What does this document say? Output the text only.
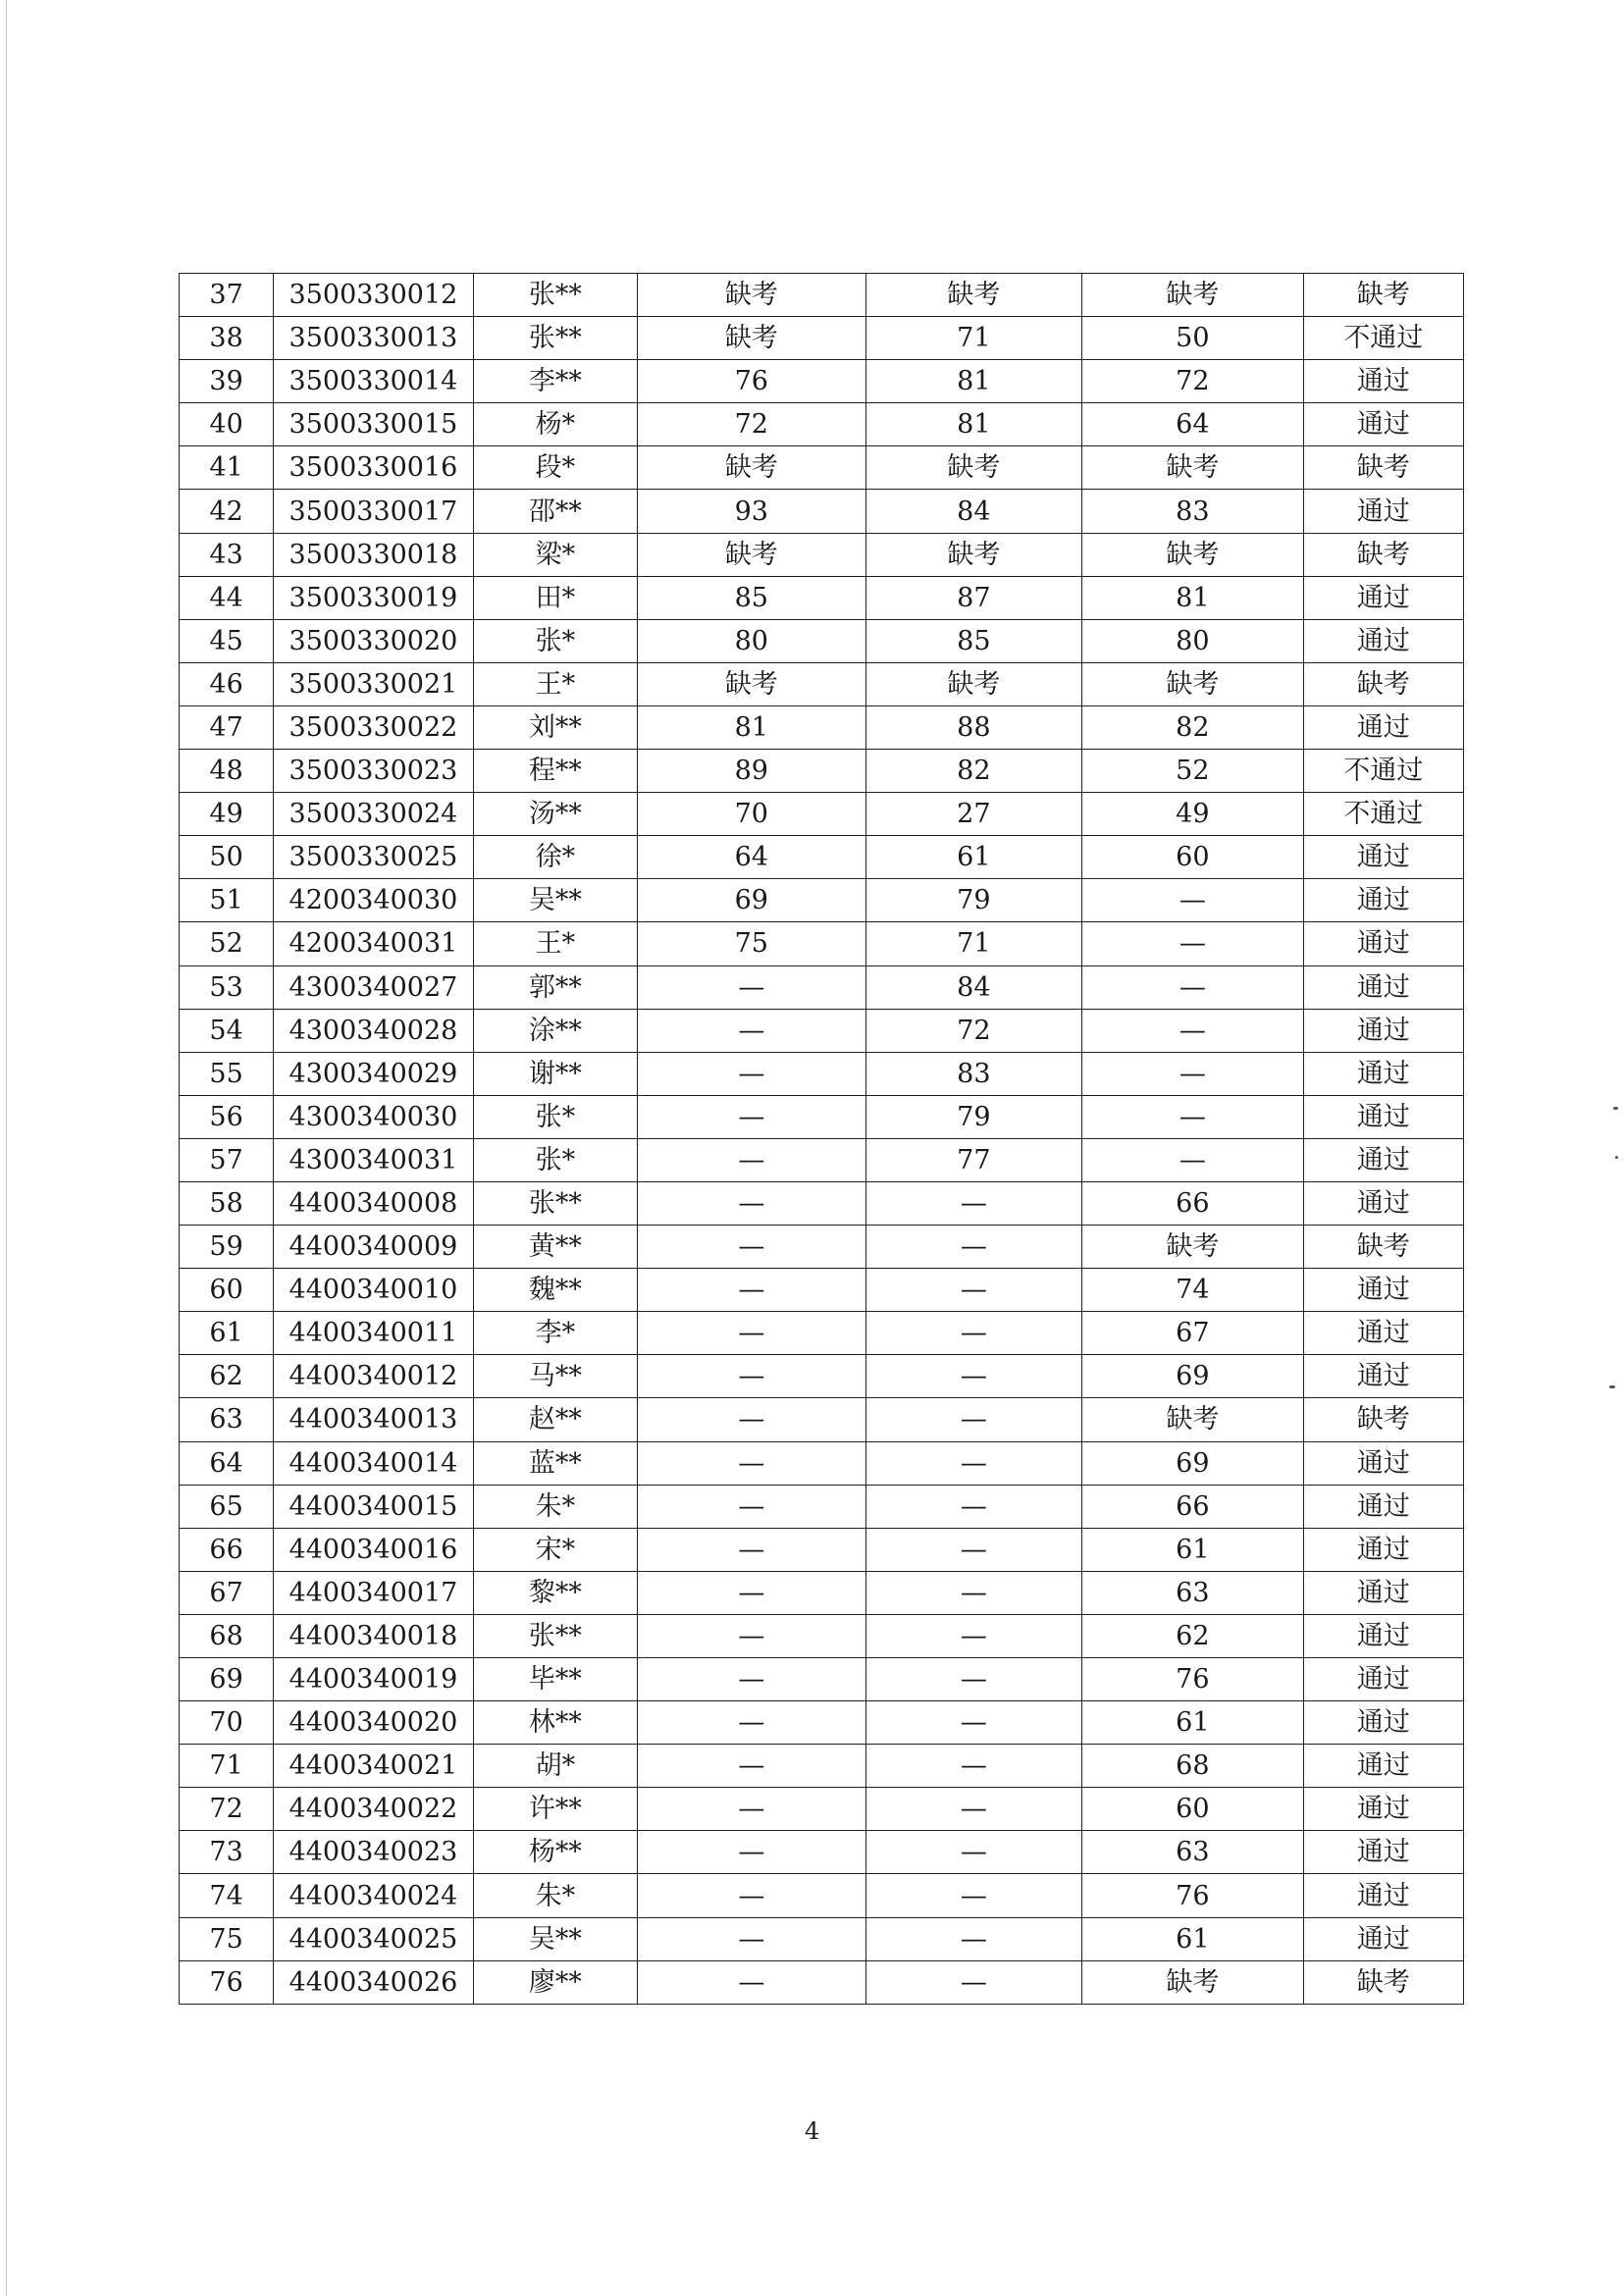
37	3500330012	张**	缺考	缺考	缺考	缺考
38	3500330013	张**	缺考	71	50	不通过
39	3500330014	李**	76	81	72	通过
40	3500330015	杨*	72	81	64	通过
41	3500330016	段*	缺考	缺考	缺考	缺考
42	3500330017	邵**	93	84	83	通过
43	3500330018	梁*	缺考	缺考	缺考	缺考
44	3500330019	田*	85	87	81	通过
45	3500330020	张*	80	85	80	通过
46	3500330021	王*	缺考	缺考	缺考	缺考
47	3500330022	刘**	81	88	82	通过
48	3500330023	程**	89	82	52	不通过
49	3500330024	汤**	70	27	49	不通过
50	3500330025	徐*	64	61	60	通过
51	4200340030	吴**	69	79	—	通过
52	4200340031	王*	75	71	—	通过
53	4300340027	郭**	—	84	—	通过
54	4300340028	涂**	—	72	—	通过
55	4300340029	谢**	—	83	—	通过
56	4300340030	张*	—	79	—	通过
57	4300340031	张*	—	77	—	通过
58	4400340008	张**	—	—	66	通过
59	4400340009	黄**	—	—	缺考	缺考
60	4400340010	魏**	—	—	74	通过
61	4400340011	李*	—	—	67	通过
62	4400340012	马**	—	—	69	通过
63	4400340013	赵**	—	—	缺考	缺考
64	4400340014	蓝**	—	—	69	通过
65	4400340015	朱*	—	—	66	通过
66	4400340016	宋*	—	—	61	通过
67	4400340017	黎**	—	—	63	通过
68	4400340018	张**	—	—	62	通过
69	4400340019	毕**	—	—	76	通过
70	4400340020	林**	—	—	61	通过
71	4400340021	胡*	—	—	68	通过
72	4400340022	许**	—	—	60	通过
73	4400340023	杨**	—	—	63	通过
74	4400340024	朱*	—	—	76	通过
75	4400340025	吴**	—	—	61	通过
76	4400340026	廖**	—	—	缺考	缺考
4
